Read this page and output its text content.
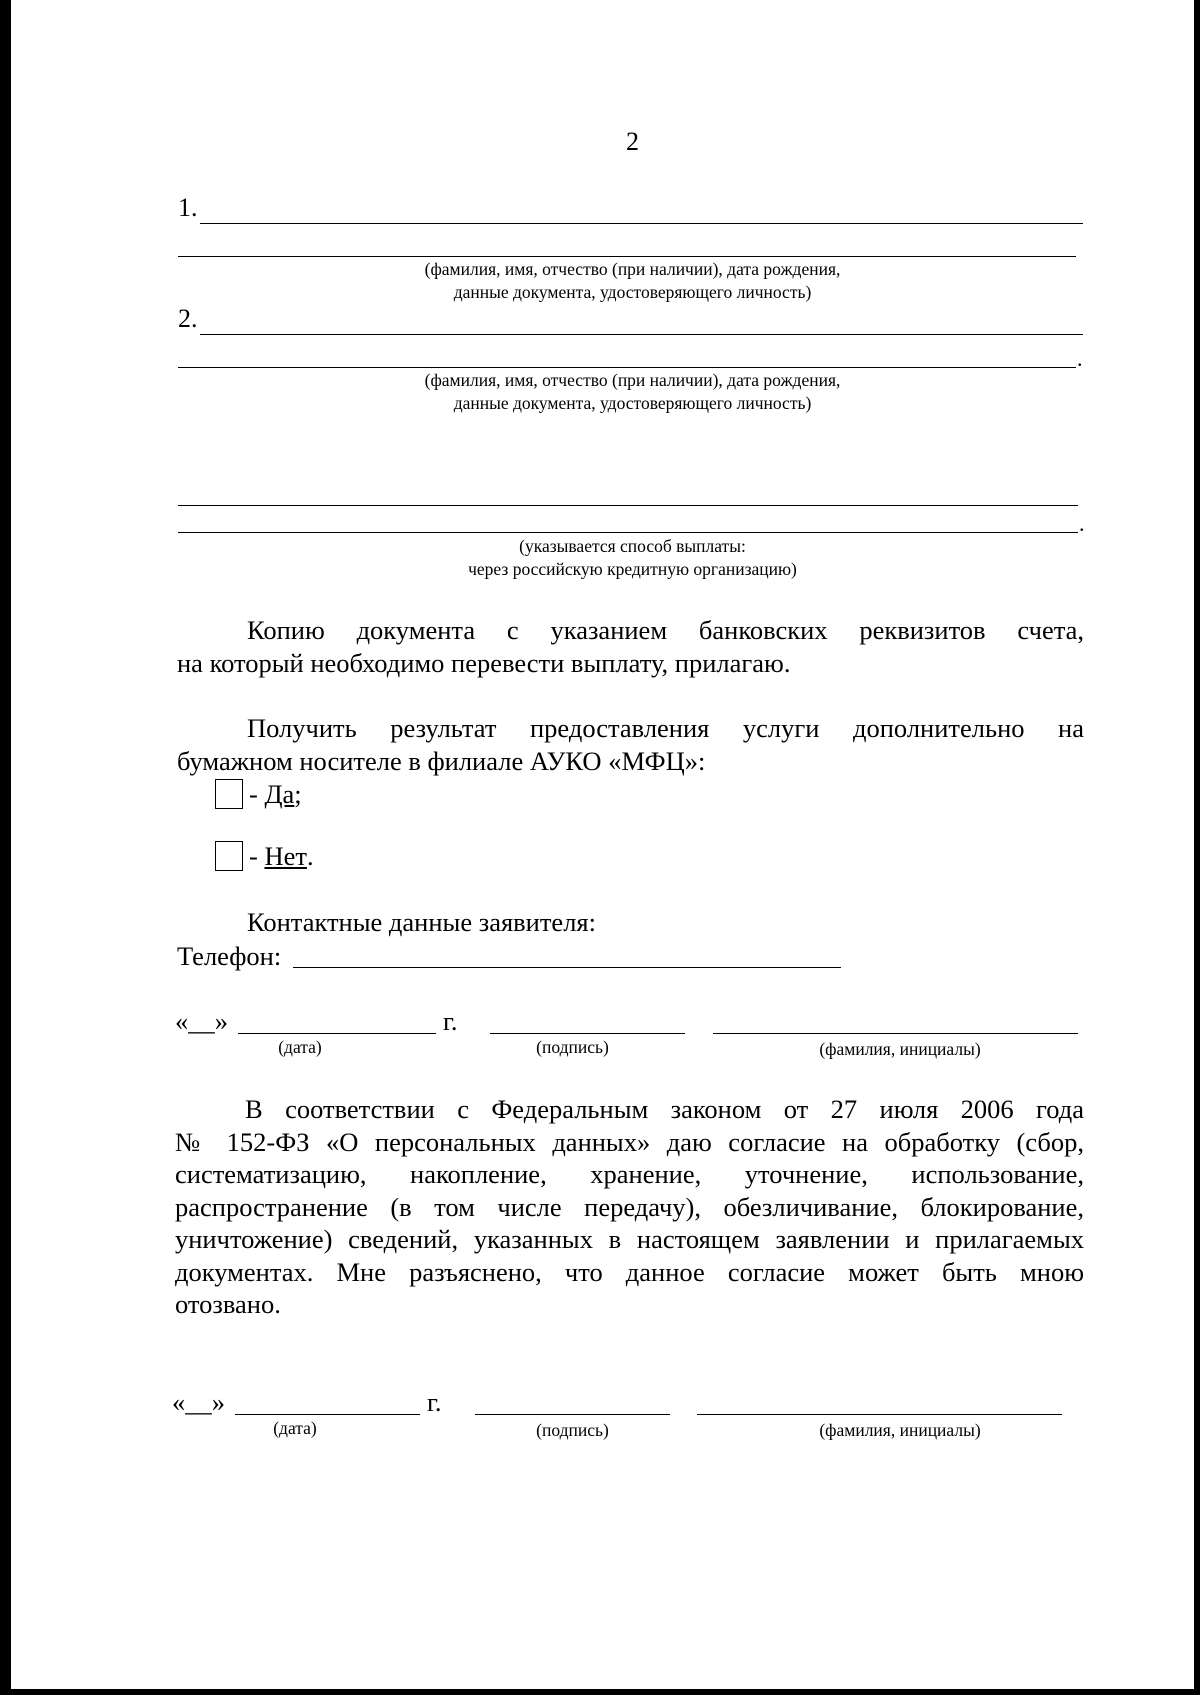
2
1.
(фамилия, имя, отчество (при наличии), дата рождения,
данные документа, удостоверяющего личность)
2.
.
(фамилия, имя, отчество (при наличии), дата рождения,
данные документа, удостоверяющего личность)
.
(указывается способ выплаты:
через российскую кредитную организацию)

Копию документа с указанием банковских реквизитов счета,

на который необходимо перевести выплату, прилагаю.

Получить результат предоставления услуги дополнительно на

бумажном носителе в филиале АУКО «МФЦ»:

-
Да ;
-
Нет .
Контактные данные заявителя:
Телефон:
«__»	г.
(дата)	(подпись)	(фамилия, инициалы)

В соответствии с Федеральным законом от 27 июля 2006 года

№ 152-ФЗ «О персональных данных» даю согласие на обработку (сбор,

систематизацию, накопление, хранение, уточнение, использование,

распространение (в том числе передачу), обезличивание, блокирование,

уничтожение) сведений, указанных в настоящем заявлении и прилагаемых

документах. Мне разъяснено, что данное согласие может быть мною

отозвано.

«__»	г.
(дата)	(подпись)	(фамилия, инициалы)
